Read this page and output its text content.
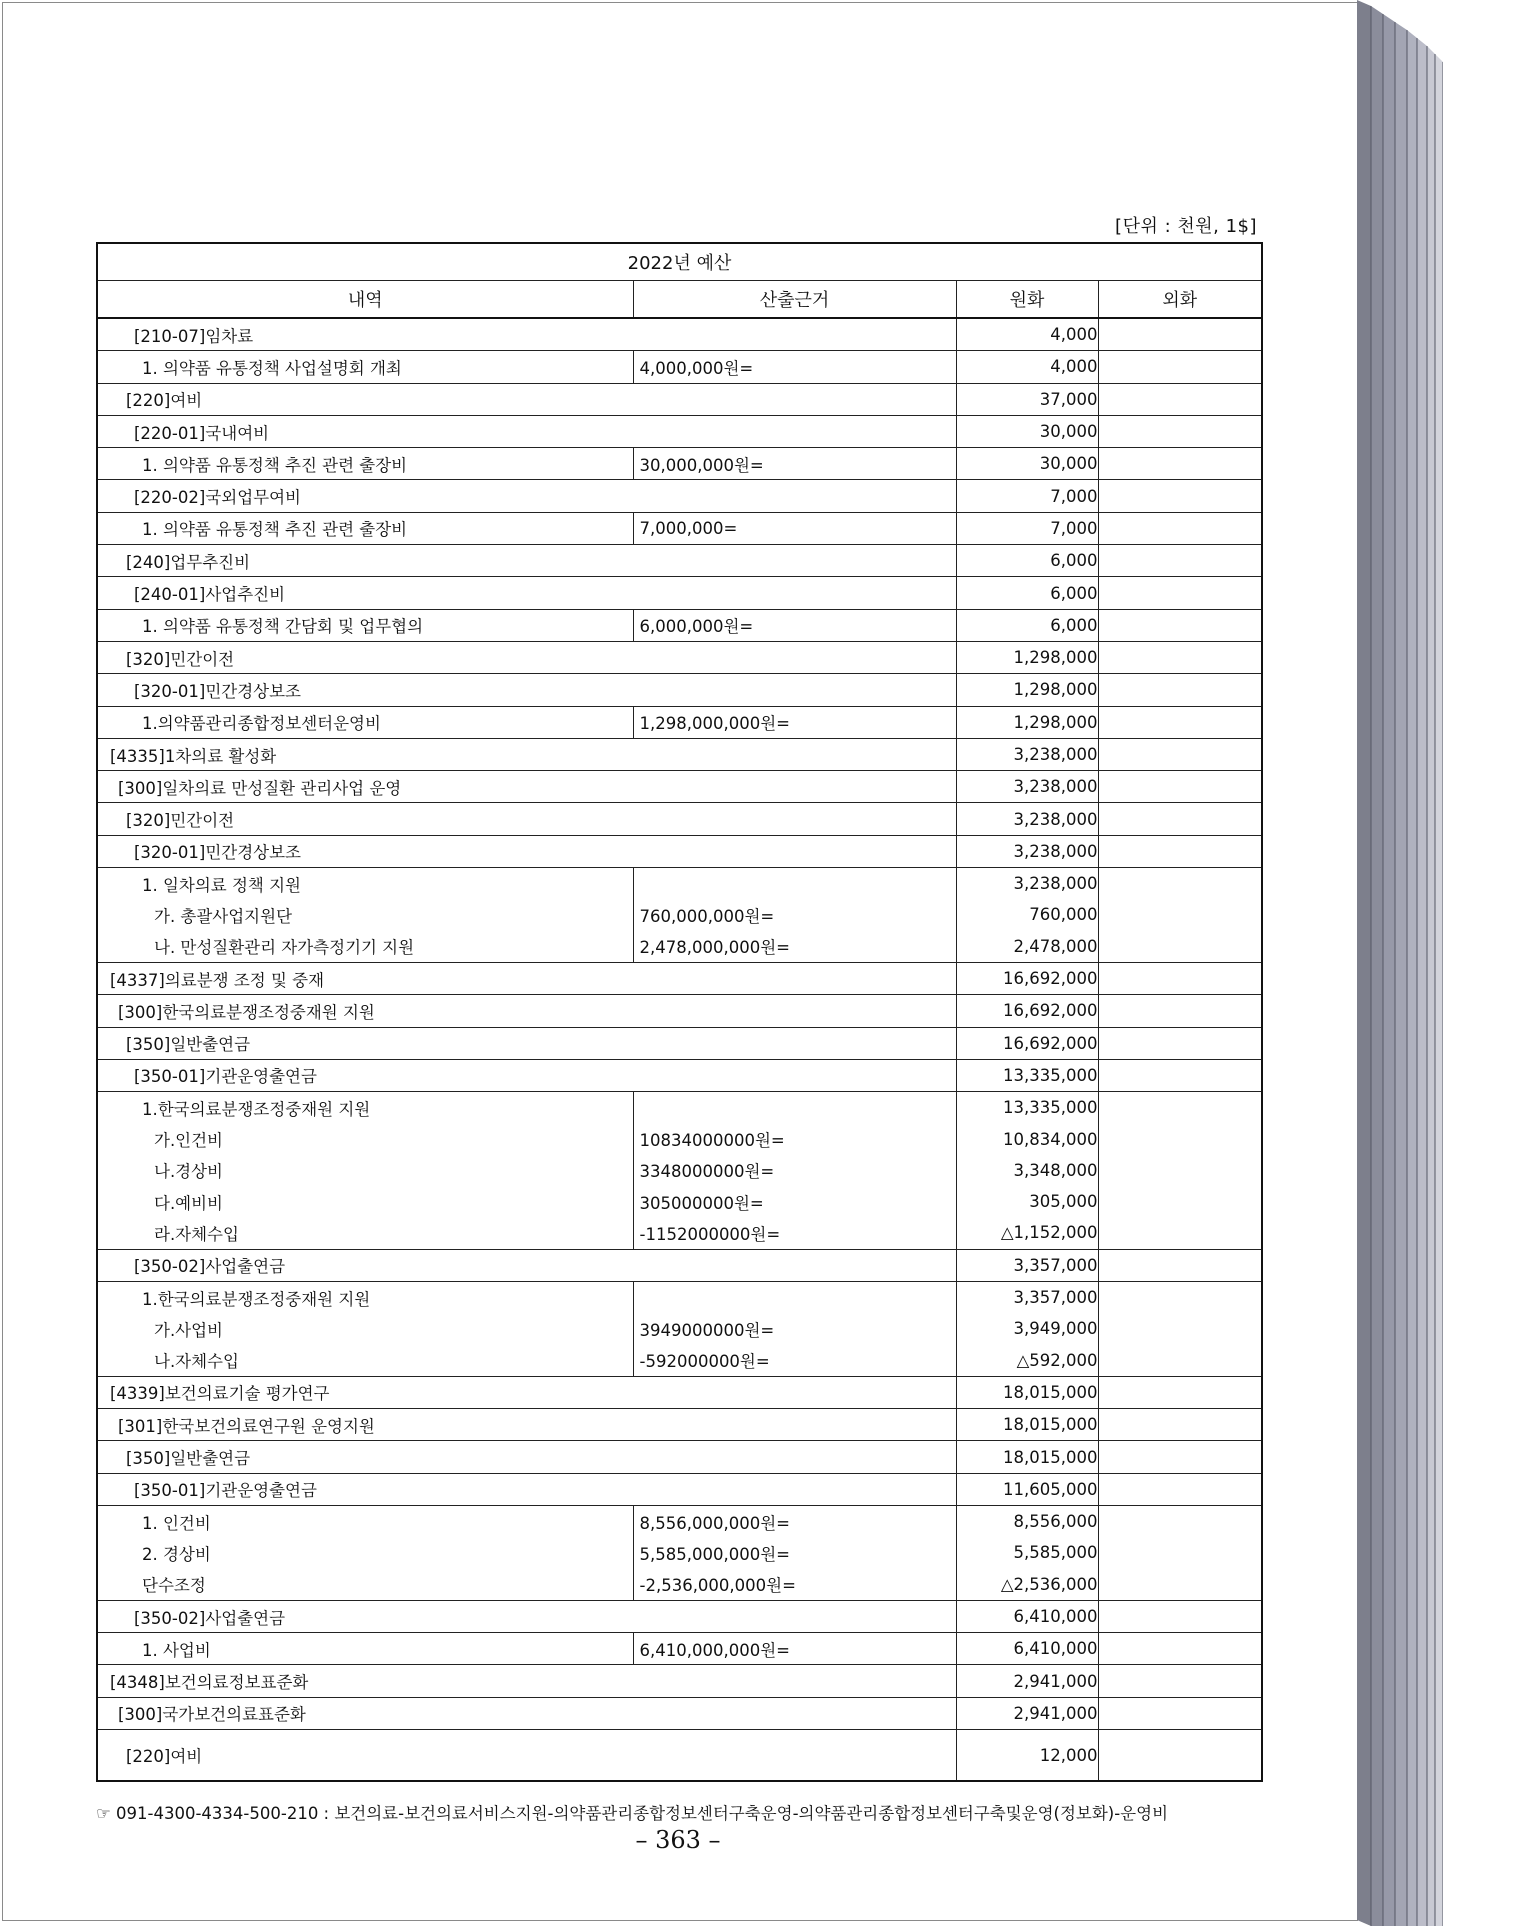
[단위 : 천원, 1$]
2022년 예산			
내역	산출근거	원화	외화
[210-07]임차료		4,000	
1. 의약품 유통정책 사업설명회 개최	4,000,000원=	4,000	
[220]여비		37,000	
[220-01]국내여비		30,000	
1. 의약품 유통정책 추진 관련 출장비	30,000,000원=	30,000	
[220-02]국외업무여비		7,000	
1. 의약품 유통정책 추진 관련 출장비	7,000,000=	7,000	
[240]업무추진비		6,000	
[240-01]사업추진비		6,000	
1. 의약품 유통정책 간담회 및 업무협의	6,000,000원=	6,000	
[320]민간이전		1,298,000	
[320-01]민간경상보조		1,298,000	
1.의약품관리종합정보센터운영비	1,298,000,000원=	1,298,000	
[4335]1차의료 활성화		3,238,000	
[300]일차의료 만성질환 관리사업 운영		3,238,000	
[320]민간이전		3,238,000	
[320-01]민간경상보조		3,238,000	
1. 일차의료 정책 지원		3,238,000	
가. 총괄사업지원단	760,000,000원=	760,000	
나. 만성질환관리 자가측정기기 지원	2,478,000,000원=	2,478,000	
[4337]의료분쟁 조정 및 중재		16,692,000	
[300]한국의료분쟁조정중재원 지원		16,692,000	
[350]일반출연금		16,692,000	
[350-01]기관운영출연금		13,335,000	
1.한국의료분쟁조정중재원 지원		13,335,000	
가.인건비	10834000000원=	10,834,000	
나.경상비	3348000000원=	3,348,000	
다.예비비	305000000원=	305,000	
라.자체수입	-1152000000원=	△1,152,000	
[350-02]사업출연금		3,357,000	
1.한국의료분쟁조정중재원 지원		3,357,000	
가.사업비	3949000000원=	3,949,000	
나.자체수입	-592000000원=	△592,000	
[4339]보건의료기술 평가연구		18,015,000	
[301]한국보건의료연구원 운영지원		18,015,000	
[350]일반출연금		18,015,000	
[350-01]기관운영출연금		11,605,000	
1. 인건비	8,556,000,000원=	8,556,000	
2. 경상비	5,585,000,000원=	5,585,000	
단수조정	-2,536,000,000원=	△2,536,000	
[350-02]사업출연금		6,410,000	
1. 사업비	6,410,000,000원=	6,410,000	
[4348]보건의료정보표준화		2,941,000	
[300]국가보건의료표준화		2,941,000	
[220]여비		12,000	
☞ 091-4300-4334-500-210 : 보건의료-보건의료서비스지원-의약품관리종합정보센터구축운영-의약품관리종합정보센터구축및운영(정보화)-운영비
– 363 –
